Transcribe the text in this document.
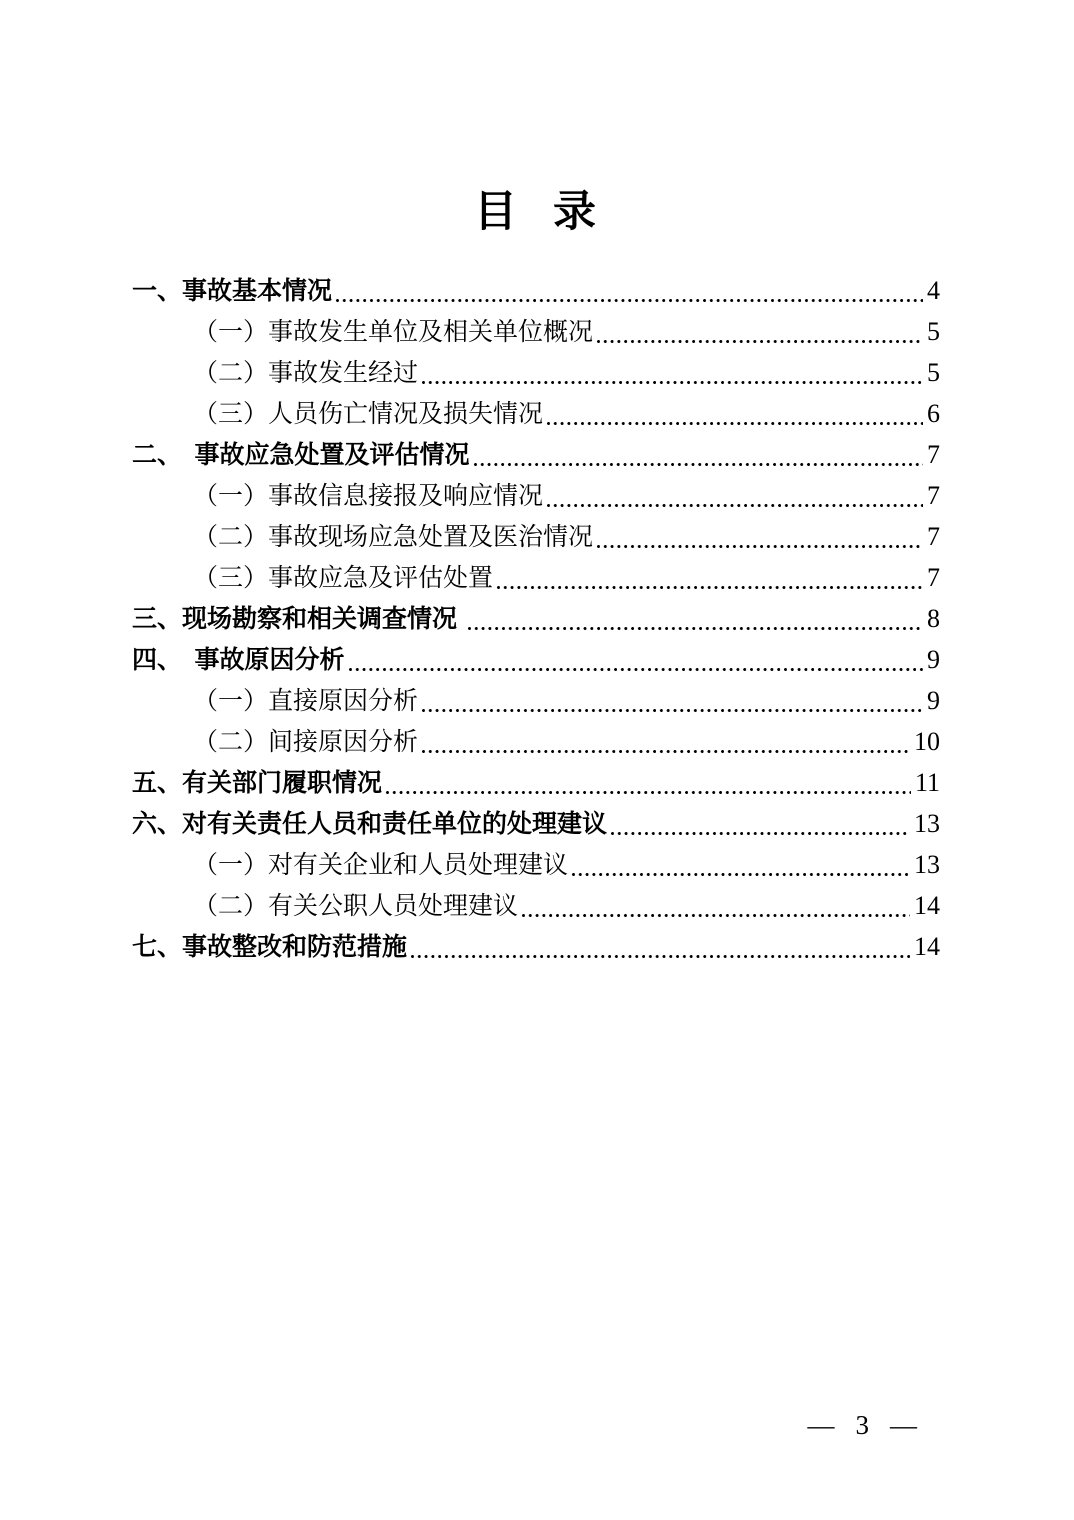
目  录
一、事故基本情况	4
（一）事故发生单位及相关单位概况	5
（二）事故发生经过	5
（三）人员伤亡情况及损失情况	6
二、　事故应急处置及评估情况	7
（一）事故信息接报及响应情况	7
（二）事故现场应急处置及医治情况	7
（三）事故应急及评估处置	7
三、现场勘察和相关调查情况	8
四、　事故原因分析	9
（一）直接原因分析	9
（二）间接原因分析	10
五、有关部门履职情况	11
六、对有关责任人员和责任单位的处理建议	13
（一）对有关企业和人员处理建议	13
（二）有关公职人员处理建议	14
七、事故整改和防范措施	14
— 3 —
